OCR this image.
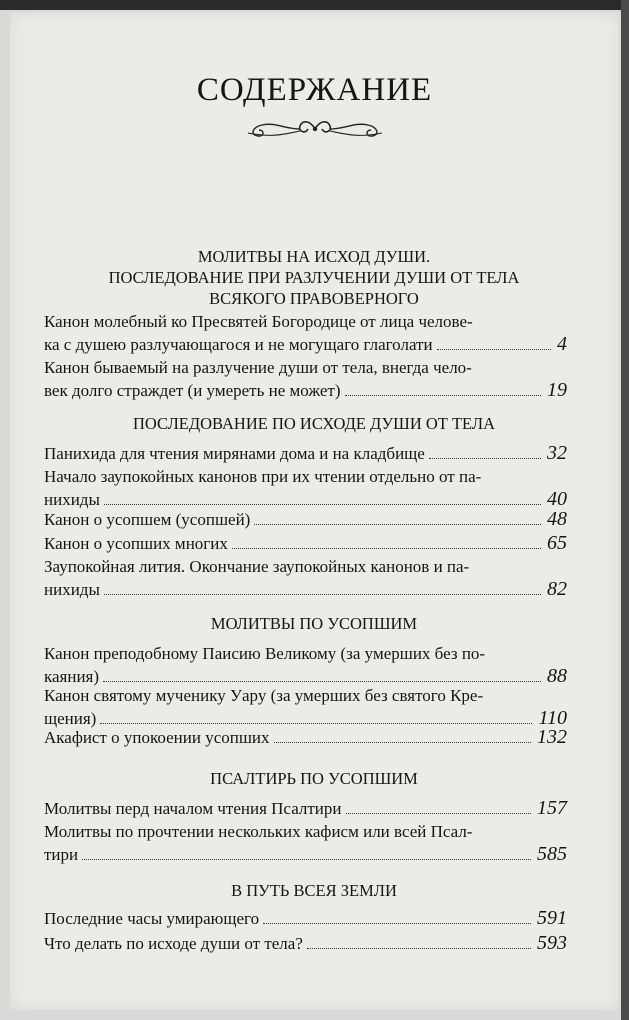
СОДЕРЖАНИЕ
МОЛИТВЫ НА ИСХОД ДУШИ.
ПОСЛЕДОВАНИЕ ПРИ РАЗЛУЧЕНИИ ДУШИ ОТ ТЕЛА
ВСЯКОГО ПРАВОВЕРНОГО
Канон молебный ко Пресвятей Богородице от лица челове-
ка с душею разлучающагося и не могущаго глаголати	4
Канон бываемый на разлучение души от тела, внегда чело-
век долго страждет (и умереть не может)	19
ПОСЛЕДОВАНИЕ ПО ИСХОДЕ ДУШИ ОТ ТЕЛА
Панихида для чтения мирянами дома и на кладбище	32
Начало заупокойных канонов при их чтении отдельно от па-
нихиды	40
Канон о усопшем (усопшей)	48
Канон о усопших многих	65
Заупокойная лития. Окончание заупокойных канонов и па-
нихиды	82
МОЛИТВЫ ПО УСОПШИМ
Канон преподобному Паисию Великому (за умерших без по-
каяния)	88
Канон святому мученику Уару (за умерших без святого Кре-
щения)	110
Акафист о упокоении усопших	132
ПСАЛТИРЬ ПО УСОПШИМ
Молитвы перд началом чтения Псалтири	157
Молитвы по прочтении нескольких кафисм или всей Псал-
тири	585
В ПУТЬ ВСЕЯ ЗЕМЛИ
Последние часы умирающего	591
Что делать по исходе души от тела?	593
